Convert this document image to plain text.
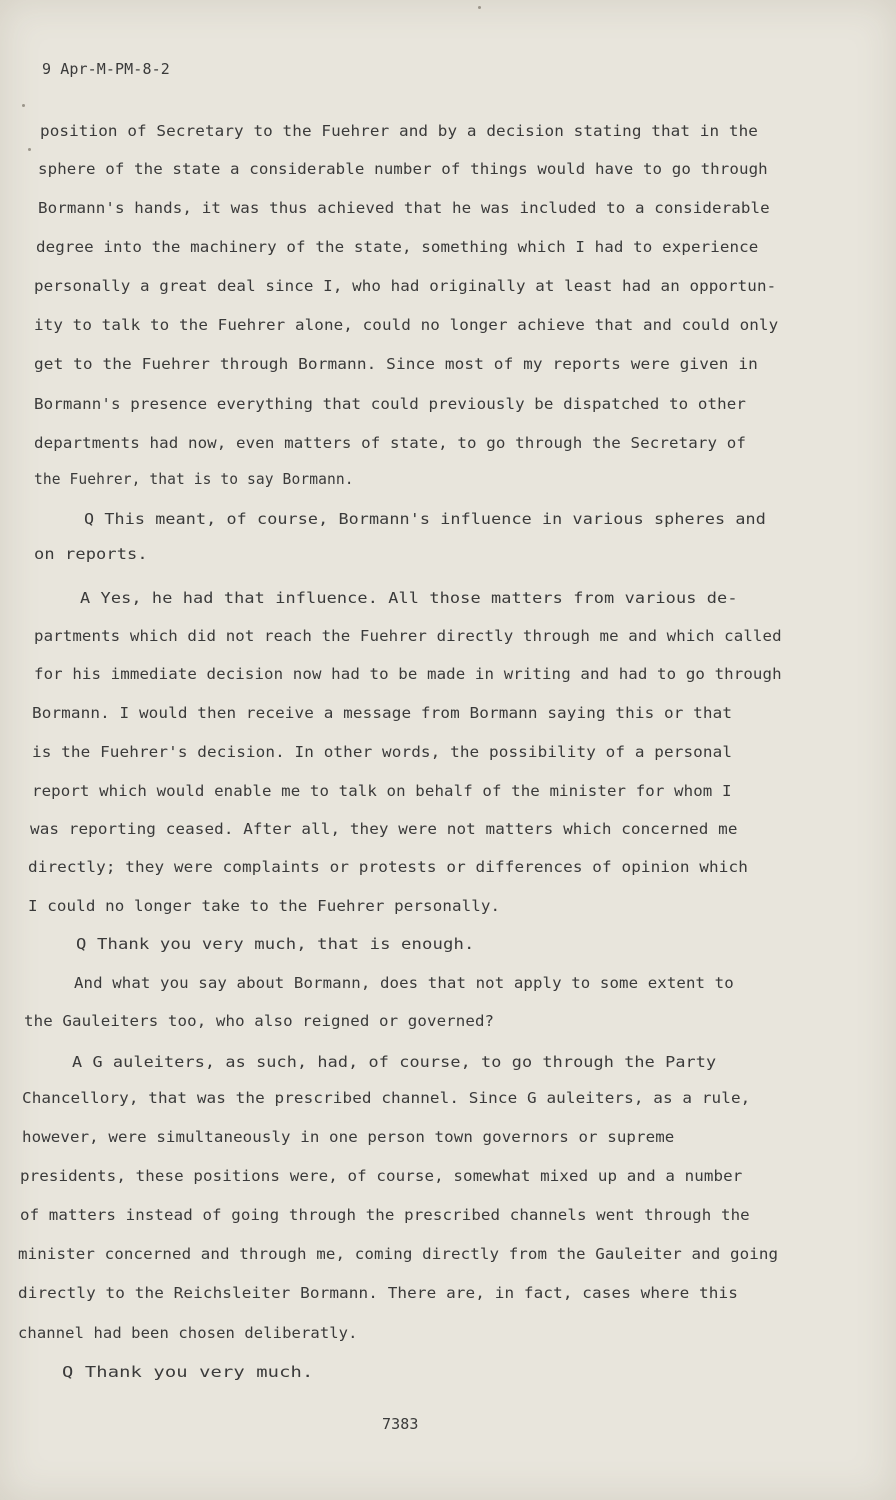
9 Apr-M-PM-8-2
position of Secretary to the Fuehrer and by a decision stating that in the
sphere of the state a considerable number of things would have to go through
Bormann's hands, it was thus achieved that he was included to a considerable
degree into the machinery of the state, something which I had to experience
personally a great deal since I, who had originally at least had an opportun-
ity to talk to the Fuehrer alone, could no longer achieve that and could only
get to the Fuehrer through Bormann. Since most of my reports were given in
Bormann's presence everything that could previously be dispatched to other
departments had now, even matters of state, to go through the Secretary of
the Fuehrer, that is to say Bormann.
Q This meant, of course, Bormann's influence in various spheres and
on reports.
A Yes, he had that influence. All those matters from various de-
partments which did not reach the Fuehrer directly through me and which called
for his immediate decision now had to be made in writing and had to go through
Bormann. I would then receive a message from Bormann saying this or that
is the Fuehrer's decision. In other words, the possibility of a personal
report which would enable me to talk on behalf of the minister for whom I
was reporting ceased. After all, they were not matters which concerned me
directly; they were complaints or protests or differences of opinion which
I could no longer take to the Fuehrer personally.
Q Thank you very much, that is enough.
And what you say about Bormann, does that not apply to some extent to
the Gauleiters too, who also reigned or governed?
A G auleiters, as such, had, of course, to go through the Party
Chancellory, that was the prescribed channel. Since G auleiters, as a rule,
however, were simultaneously in one person town governors or supreme
presidents, these positions were, of course, somewhat mixed up and a number
of matters instead of going through the prescribed channels went through the
minister concerned and through me, coming directly from the Gauleiter and going
directly to the Reichsleiter Bormann. There are, in fact, cases where this
channel had been chosen deliberatly.
Q Thank you very much.
7383
